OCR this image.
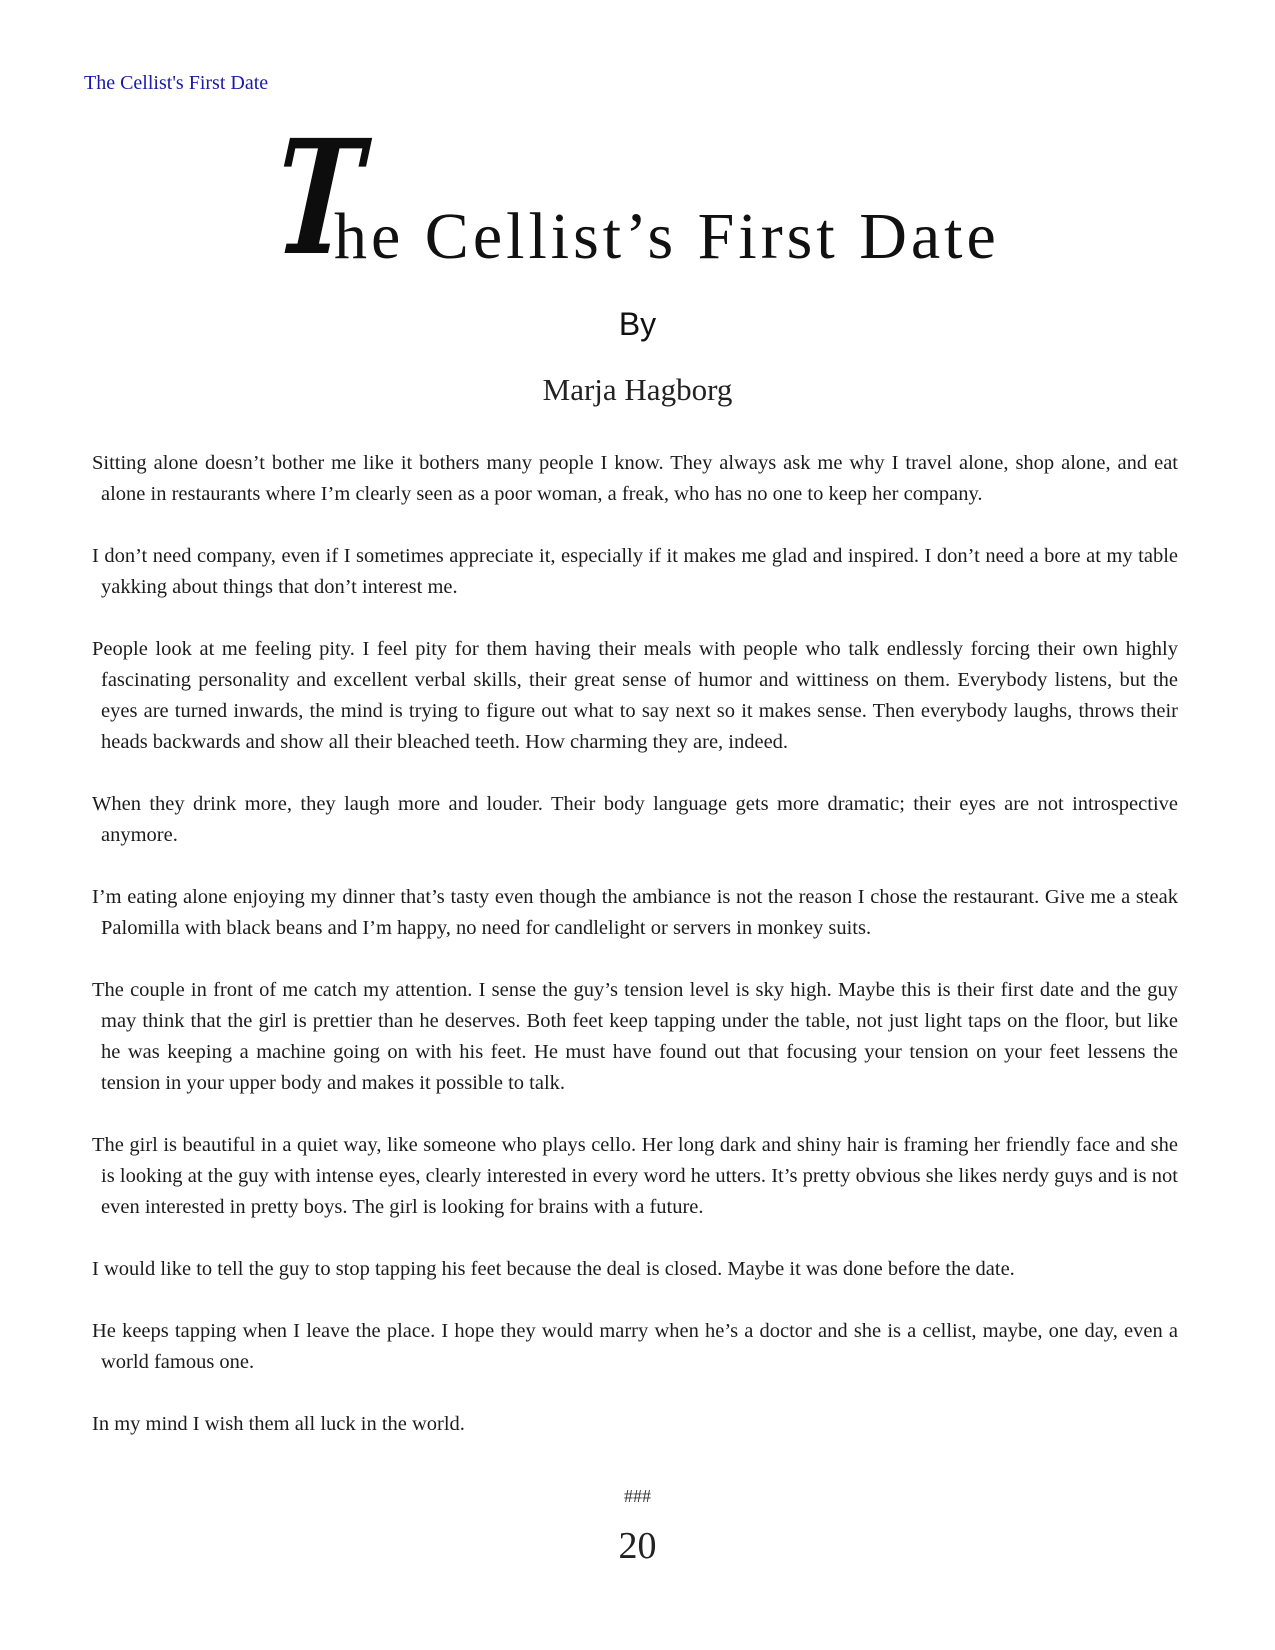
The Cellist's First Date
T
he Cellist’s First Date
By
Marja Hagborg

Sitting alone doesn’t bother me like it bothers many people I know. They always ask me why I travel alone, shop alone, and eat alone in restaurants where I’m clearly seen as a poor woman, a freak, who has no one to keep her company.

I don’t need company, even if I sometimes appreciate it, especially if it makes me glad and inspired. I don’t need a bore at my table yakking about things that don’t interest me.

People look at me feeling pity. I feel pity for them having their meals with people who talk endlessly forcing their own highly fascinating personality and excellent verbal skills, their great sense of humor and wittiness on them. Everybody listens, but the eyes are turned inwards, the mind is trying to figure out what to say next so it makes sense. Then everybody laughs, throws their heads backwards and show all their bleached teeth. How charming they are, indeed.

When they drink more, they laugh more and louder. Their body language gets more dramatic; their eyes are not introspective anymore.

I’m eating alone enjoying my dinner that’s tasty even though the ambiance is not the reason I chose the restaurant. Give me a steak Palomilla with black beans and I’m happy, no need for candlelight or servers in monkey suits.

The couple in front of me catch my attention. I sense the guy’s tension level is sky high. Maybe this is their first date and the guy may think that the girl is prettier than he deserves. Both feet keep tapping under the table, not just light taps on the floor, but like he was keeping a machine going on with his feet. He must have found out that focusing your tension on your feet lessens the tension in your upper body and makes it possible to talk.

The girl is beautiful in a quiet way, like someone who plays cello. Her long dark and shiny hair is framing her friendly face and she is looking at the guy with intense eyes, clearly interested in every word he utters. It’s pretty obvious she likes nerdy guys and is not even interested in pretty boys. The girl is looking for brains with a future.

I would like to tell the guy to stop tapping his feet because the deal is closed. Maybe it was done before the date.

He keeps tapping when I leave the place. I hope they would marry when he’s a doctor and she is a cellist, maybe, one day, even a world famous one.

In my mind I wish them all luck in the world.

###
20
